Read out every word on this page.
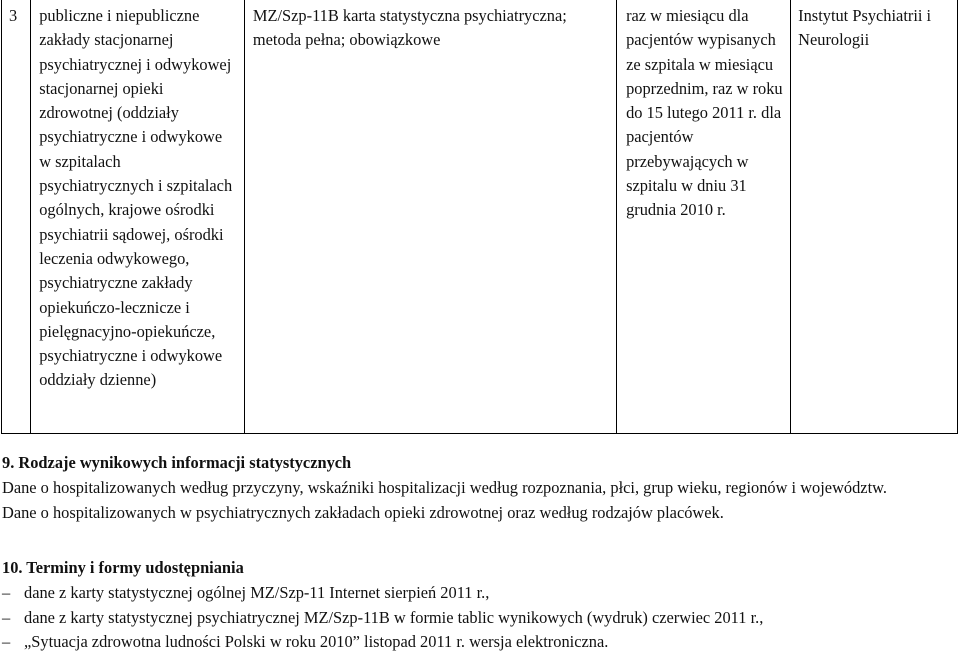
3	publiczne i niepubliczne zakłady stacjonarnej psychiatrycznej i odwykowej stacjonarnej opieki zdrowotnej (oddziały psychiatryczne i odwykowe w szpitalach psychiatrycznych i szpitalach ogólnych, krajowe ośrodki psychiatrii sądowej, ośrodki leczenia odwykowego, psychiatryczne zakłady opiekuńczo-lecznicze i pielęgnacyjno-opiekuńcze, psychiatryczne i odwykowe oddziały dzienne)	MZ/Szp-11B karta statystyczna psychiatryczna; metoda pełna; obowiązkowe	raz w miesiącu dla pacjentów wypisanych ze szpitala w miesiącu poprzednim, raz w roku do 15 lutego 2011 r. dla pacjentów przebywających w szpitalu w dniu 31 grudnia 2010 r.	Instytut Psychiatrii i Neurologii

9. Rodzaje wynikowych informacji statystycznych

Dane o hospitalizowanych według przyczyny, wskaźniki hospitalizacji według rozpoznania, płci, grup wieku, regionów i województw.

Dane o hospitalizowanych w psychiatrycznych zakładach opieki zdrowotnej oraz według rodzajów placówek.

10. Terminy i formy udostępniania

– dane z karty statystycznej ogólnej MZ/Szp-11 Internet sierpień 2011 r.,
– dane z karty statystycznej psychiatrycznej MZ/Szp-11B w formie tablic wynikowych (wydruk) czerwiec 2011 r.,
– „Sytuacja zdrowotna ludności Polski w roku 2010” listopad 2011 r. wersja elektroniczna.
